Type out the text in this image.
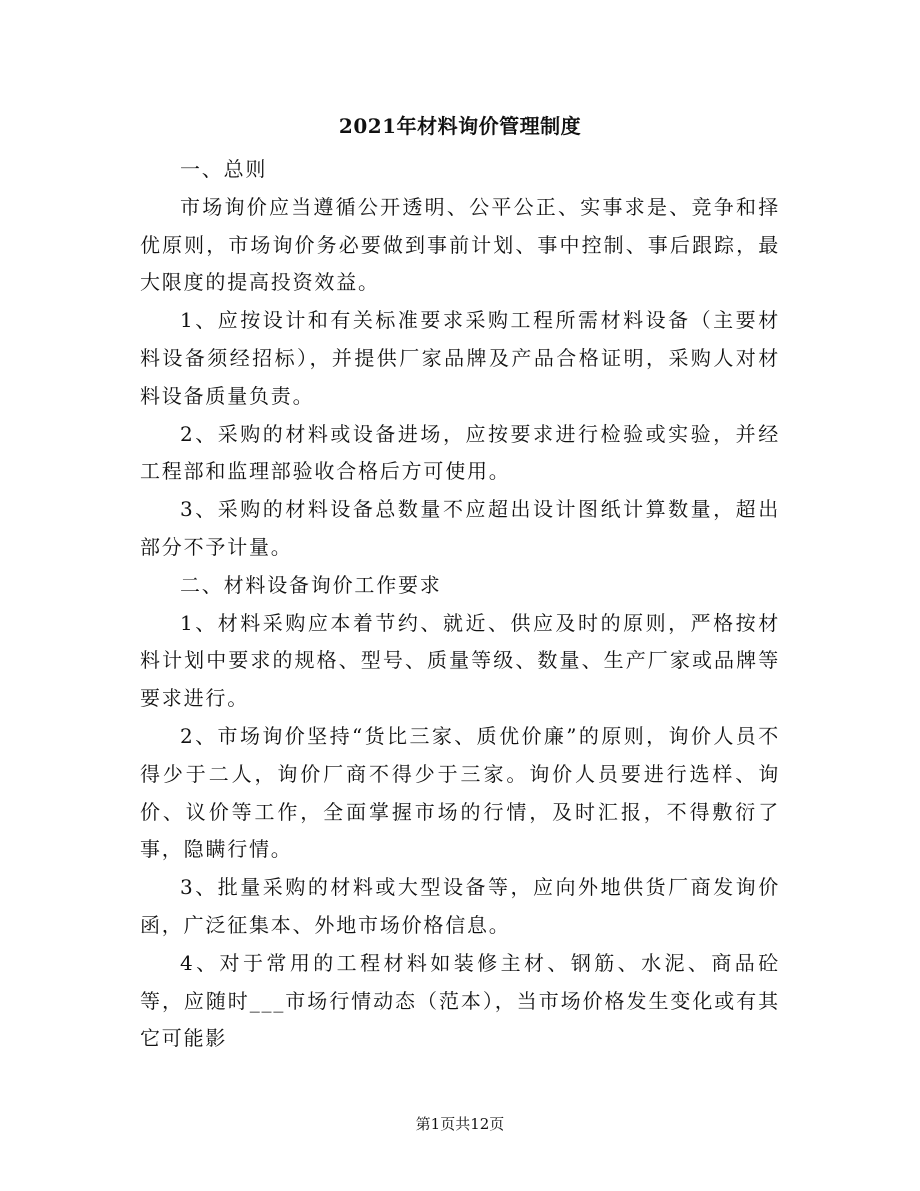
2021年材料询价管理制度

一、总则

市场询价应当遵循公开透明、公平公正、实事求是、竞争和择优原则，市场询价务必要做到事前计划、事中控制、事后跟踪，最大限度的提高投资效益。

1、应按设计和有关标准要求采购工程所需材料设备（主要材料设备须经招标），并提供厂家品牌及产品合格证明，采购人对材料设备质量负责。

2、采购的材料或设备进场，应按要求进行检验或实验，并经工程部和监理部验收合格后方可使用。

3、采购的材料设备总数量不应超出设计图纸计算数量，超出部分不予计量。

二、材料设备询价工作要求

1、材料采购应本着节约、就近、供应及时的原则，严格按材料计划中要求的规格、型号、质量等级、数量、生产厂家或品牌等要求进行。

2、市场询价坚持“货比三家、质优价廉”的原则，询价人员不得少于二人，询价厂商不得少于三家。询价人员要进行选样、询价、议价等工作，全面掌握市场的行情，及时汇报，不得敷衍了事，隐瞒行情。

3、批量采购的材料或大型设备等，应向外地供货厂商发询价函，广泛征集本、外地市场价格信息。

4、对于常用的工程材料如装修主材、钢筋、水泥、商品砼等，应随时___市场行情动态（范本），当市场价格发生变化或有其它可能影

第1页共12页
